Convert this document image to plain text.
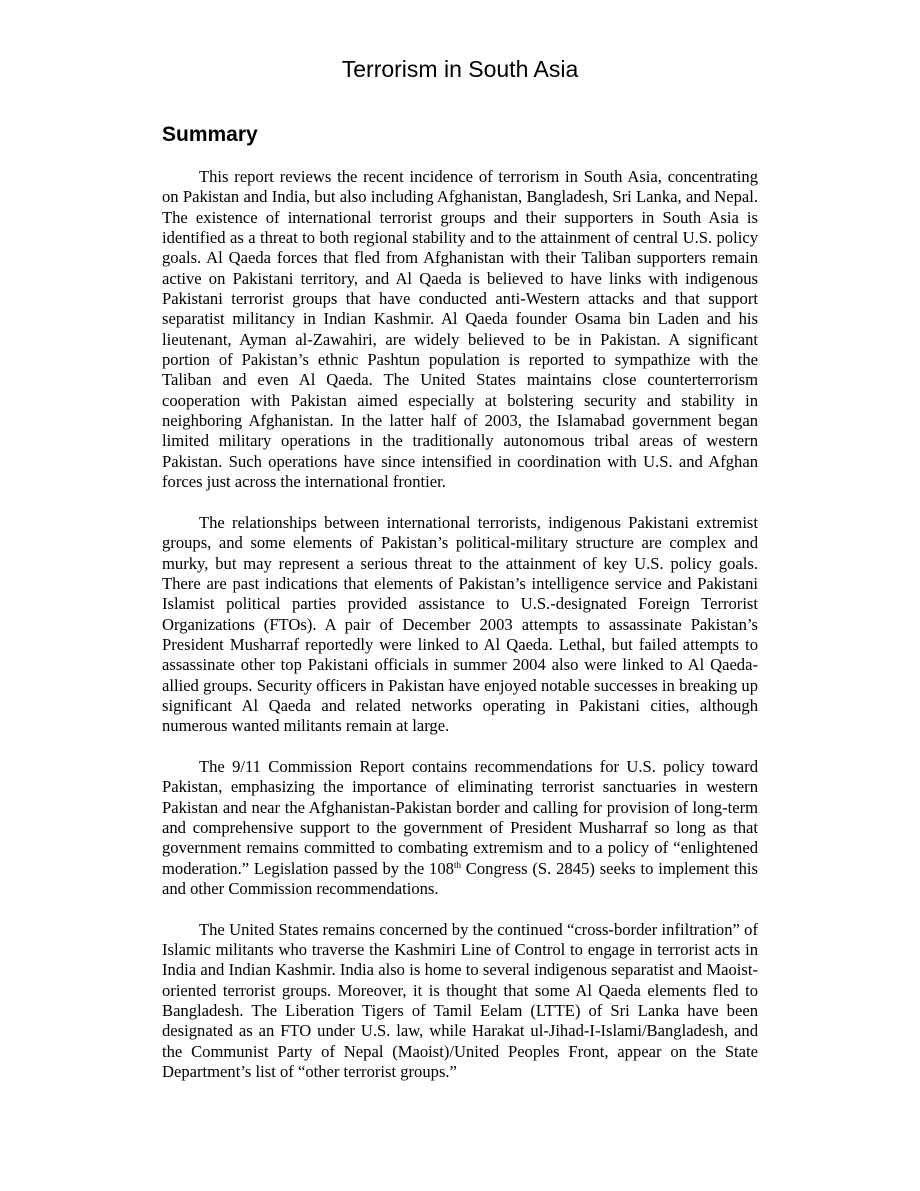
Terrorism in South Asia
Summary

This report reviews the recent incidence of terrorism in South Asia, concentrating on Pakistan and India, but also including Afghanistan, Bangladesh, Sri Lanka, and Nepal. The existence of international terrorist groups and their supporters in South Asia is identified as a threat to both regional stability and to the attainment of central U.S. policy goals. Al Qaeda forces that fled from Afghanistan with their Taliban supporters remain active on Pakistani territory, and Al Qaeda is believed to have links with indigenous Pakistani terrorist groups that have conducted anti-Western attacks and that support separatist militancy in Indian Kashmir. Al Qaeda founder Osama bin Laden and his lieutenant, Ayman al-Zawahiri, are widely believed to be in Pakistan. A significant portion of Pakistan’s ethnic Pashtun population is reported to sympathize with the Taliban and even Al Qaeda. The United States maintains close counterterrorism cooperation with Pakistan aimed especially at bolstering security and stability in neighboring Afghanistan. In the latter half of 2003, the Islamabad government began limited military operations in the traditionally autonomous tribal areas of western Pakistan. Such operations have since intensified in coordination with U.S. and Afghan forces just across the international frontier.

The relationships between international terrorists, indigenous Pakistani extremist groups, and some elements of Pakistan’s political-military structure are complex and murky, but may represent a serious threat to the attainment of key U.S. policy goals. There are past indications that elements of Pakistan’s intelligence service and Pakistani Islamist political parties provided assistance to U.S.-designated Foreign Terrorist Organizations (FTOs). A pair of December 2003 attempts to assassinate Pakistan’s President Musharraf reportedly were linked to Al Qaeda. Lethal, but failed attempts to assassinate other top Pakistani officials in summer 2004 also were linked to Al Qaeda-allied groups. Security officers in Pakistan have enjoyed notable successes in breaking up significant Al Qaeda and related networks operating in Pakistani cities, although numerous wanted militants remain at large.

The 9/11 Commission Report contains recommendations for U.S. policy toward Pakistan, emphasizing the importance of eliminating terrorist sanctuaries in western Pakistan and near the Afghanistan-Pakistan border and calling for provision of long-term and comprehensive support to the government of President Musharraf so long as that government remains committed to combating extremism and to a policy of “enlightened moderation.” Legislation passed by the 108th Congress (S. 2845) seeks to implement this and other Commission recommendations.

The United States remains concerned by the continued “cross-border infiltration” of Islamic militants who traverse the Kashmiri Line of Control to engage in terrorist acts in India and Indian Kashmir. India also is home to several indigenous separatist and Maoist-oriented terrorist groups. Moreover, it is thought that some Al Qaeda elements fled to Bangladesh. The Liberation Tigers of Tamil Eelam (LTTE) of Sri Lanka have been designated as an FTO under U.S. law, while Harakat ul-Jihad-I-Islami/Bangladesh, and the Communist Party of Nepal (Maoist)/United Peoples Front, appear on the State Department’s list of “other terrorist groups.”
